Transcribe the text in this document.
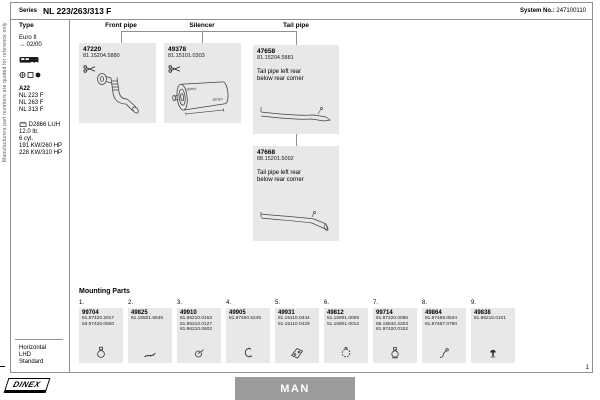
Manufacturers part numbers are quoted for reference only
Series NL 223/263/313 F	System No.: 247100110
Type	Front pipe	Silencer	Tail pipe
Euro II
→ 02/00
A22
NL 223 F
NL 263 F
NL 313 F
D2866 LUH
12.0 ltr.
6 cyl.
191 KW/260 HP
228 KW/310 HP
Horizontal
LHD
Standard
47220
81.15204.5880
49378
81.15101.0303
Dinex
Dinex
47658
81.15204.5881
Tail pipe left rear
below rear corner
47668
88.15201.5092
Tail pipe left rear
below rear corner
Mounting Parts
1.
99704
81.97420.2017
83.97420.0500
2.
49825
81.15501.5536
3.
49910
81.96210.0153
81.96210.0127
81.96210.0602
4.
49905
81.97460.5245
5.
49931
81.15110.0344
81.15110.0429
6.
49812
51.15901.0009
51.15901.0012
7.
99714
81.97420.0085
88.15640.2203
81.97420.0152
8.
49864
81.97488.0534
81.97487.0780
9.
49838
81.96210.0101
1
DINEX	MAN
